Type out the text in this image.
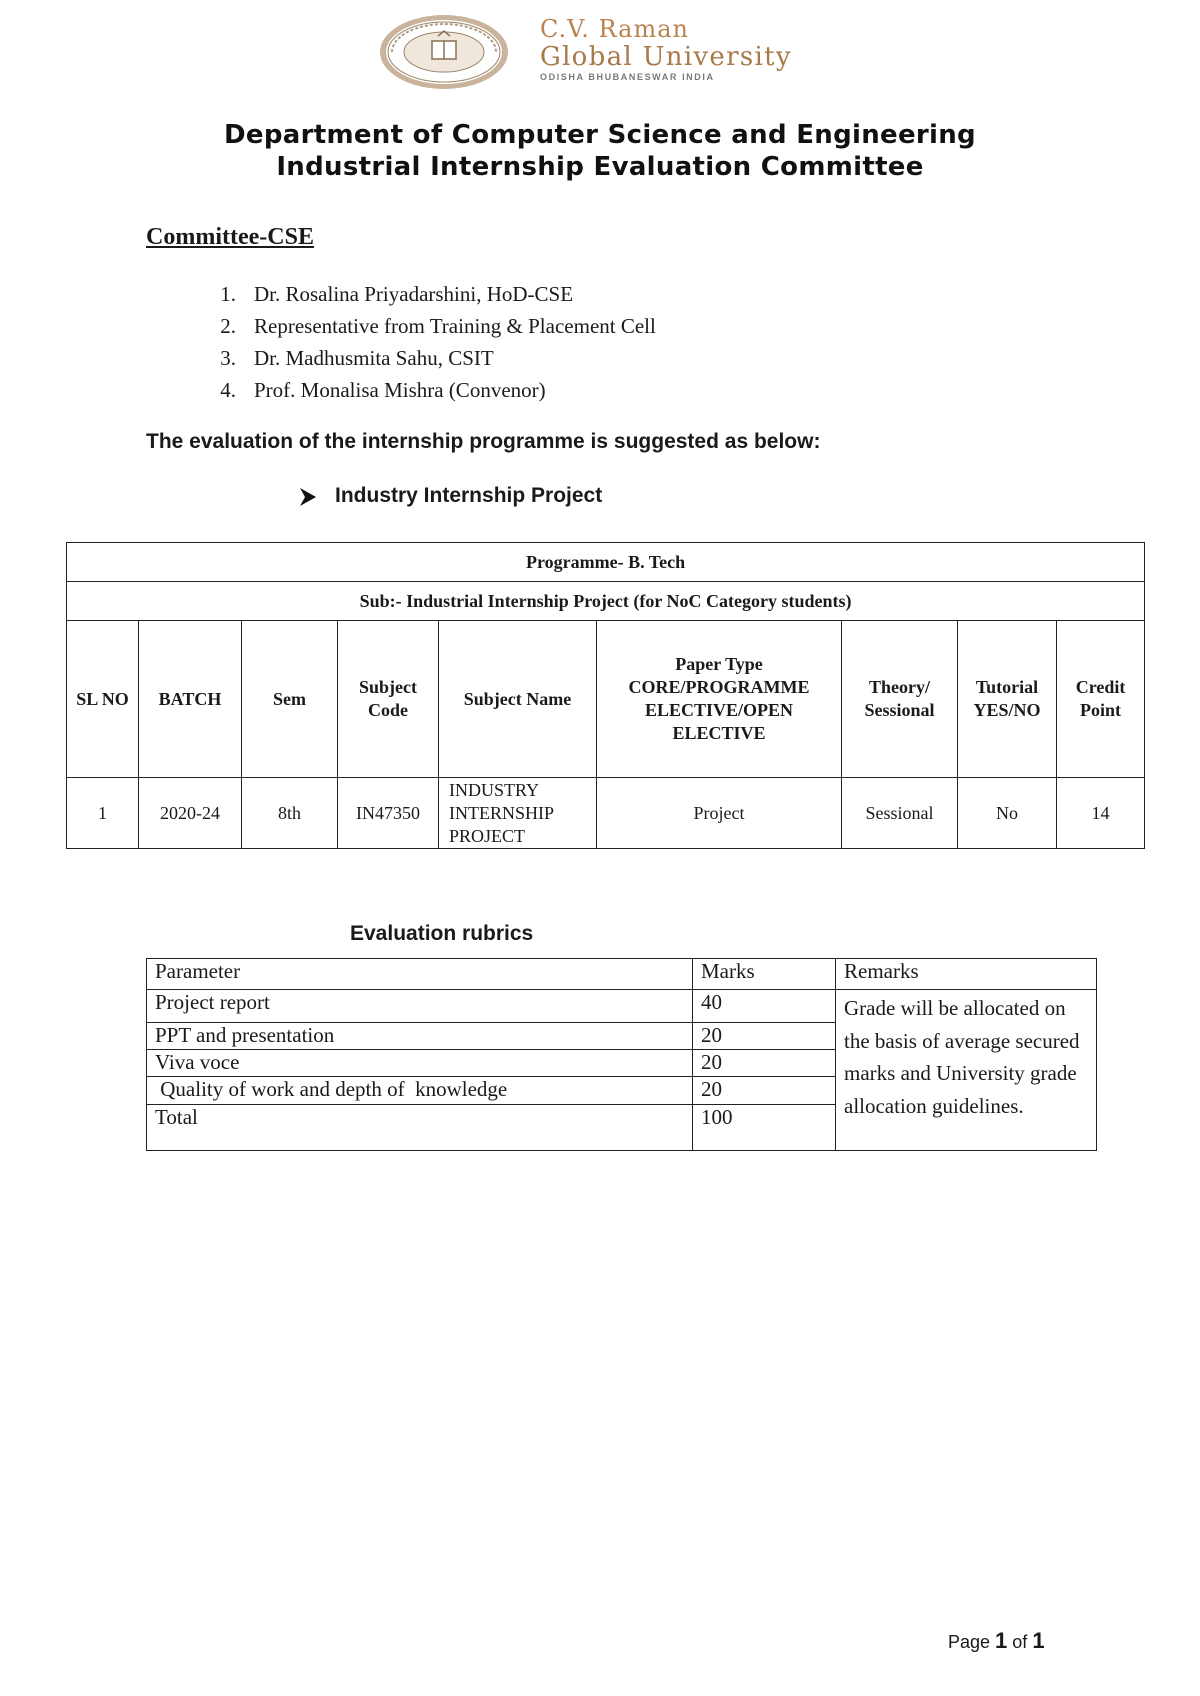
C.V. Raman
Global University
ODISHA BHUBANESWAR INDIA
Department of Computer Science and Engineering
Industrial Internship Evaluation Committee
Committee-CSE
1. Dr. Rosalina Priyadarshini, HoD-CSE
2. Representative from Training & Placement Cell
3. Dr. Madhusmita Sahu, CSIT
4. Prof. Monalisa Mishra (Convenor)
The evaluation of the internship programme is suggested as below:
Industry Internship Project
Programme- B. Tech								
Sub:- Industrial Internship Project (for NoC Category students)								
SL NO	BATCH	Sem	Subject Code	Subject Name	Paper Type CORE/PROGRAMME ELECTIVE/OPEN ELECTIVE	Theory/ Sessional	Tutorial YES/NO	Credit Point
1	2020-24	8th	IN47350	INDUSTRY INTERNSHIP PROJECT	Project	Sessional	No	14
Evaluation rubrics
Parameter	Marks	Remarks
Project report	40	Grade will be allocated on the basis of average secured marks and University grade allocation guidelines.
PPT and presentation	20	
Viva voce	20	
Quality of work and depth of  knowledge	20	
Total	100	
Page 1 of 1
